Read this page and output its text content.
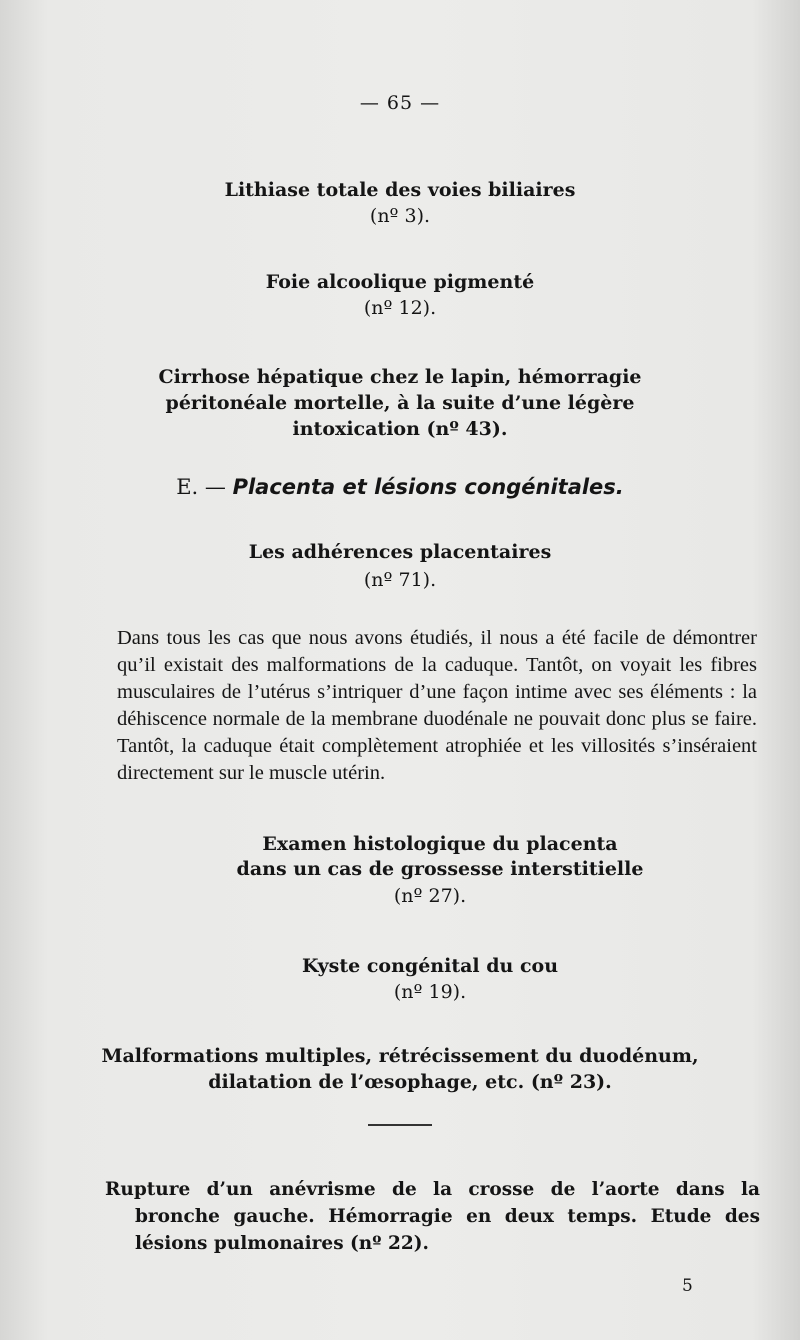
— 65 —
Lithiase totale des voies biliaires
(nº 3).
Foie alcoolique pigmenté
(nº 12).
Cirrhose hépatique chez le lapin, hémorragie péritonéale mortelle, à la suite d’une légère intoxication (nº 43).
E. — Placenta et lésions congénitales.
Les adhérences placentaires
(nº 71).
Dans tous les cas que nous avons étudiés, il nous a été facile de démontrer qu’il existait des malformations de la caduque. Tantôt, on voyait les fibres musculaires de l’utérus s’intriquer d’une façon intime avec ses éléments : la déhiscence normale de la membrane duodénale ne pouvait donc plus se faire. Tantôt, la caduque était complètement atrophiée et les villosités s’inséraient directement sur le muscle utérin.
Examen histologique du placenta
dans un cas de grossesse interstitielle
(nº 27).
Kyste congénital du cou
(nº 19).
Malformations multiples, rétrécissement du duodénum,
dilatation de l’œsophage, etc. (nº 23).
Rupture d’un anévrisme de la crosse de l’aorte dans la bronche gauche. Hémorragie en deux temps. Etude des lésions pulmonaires (nº 22).
5
